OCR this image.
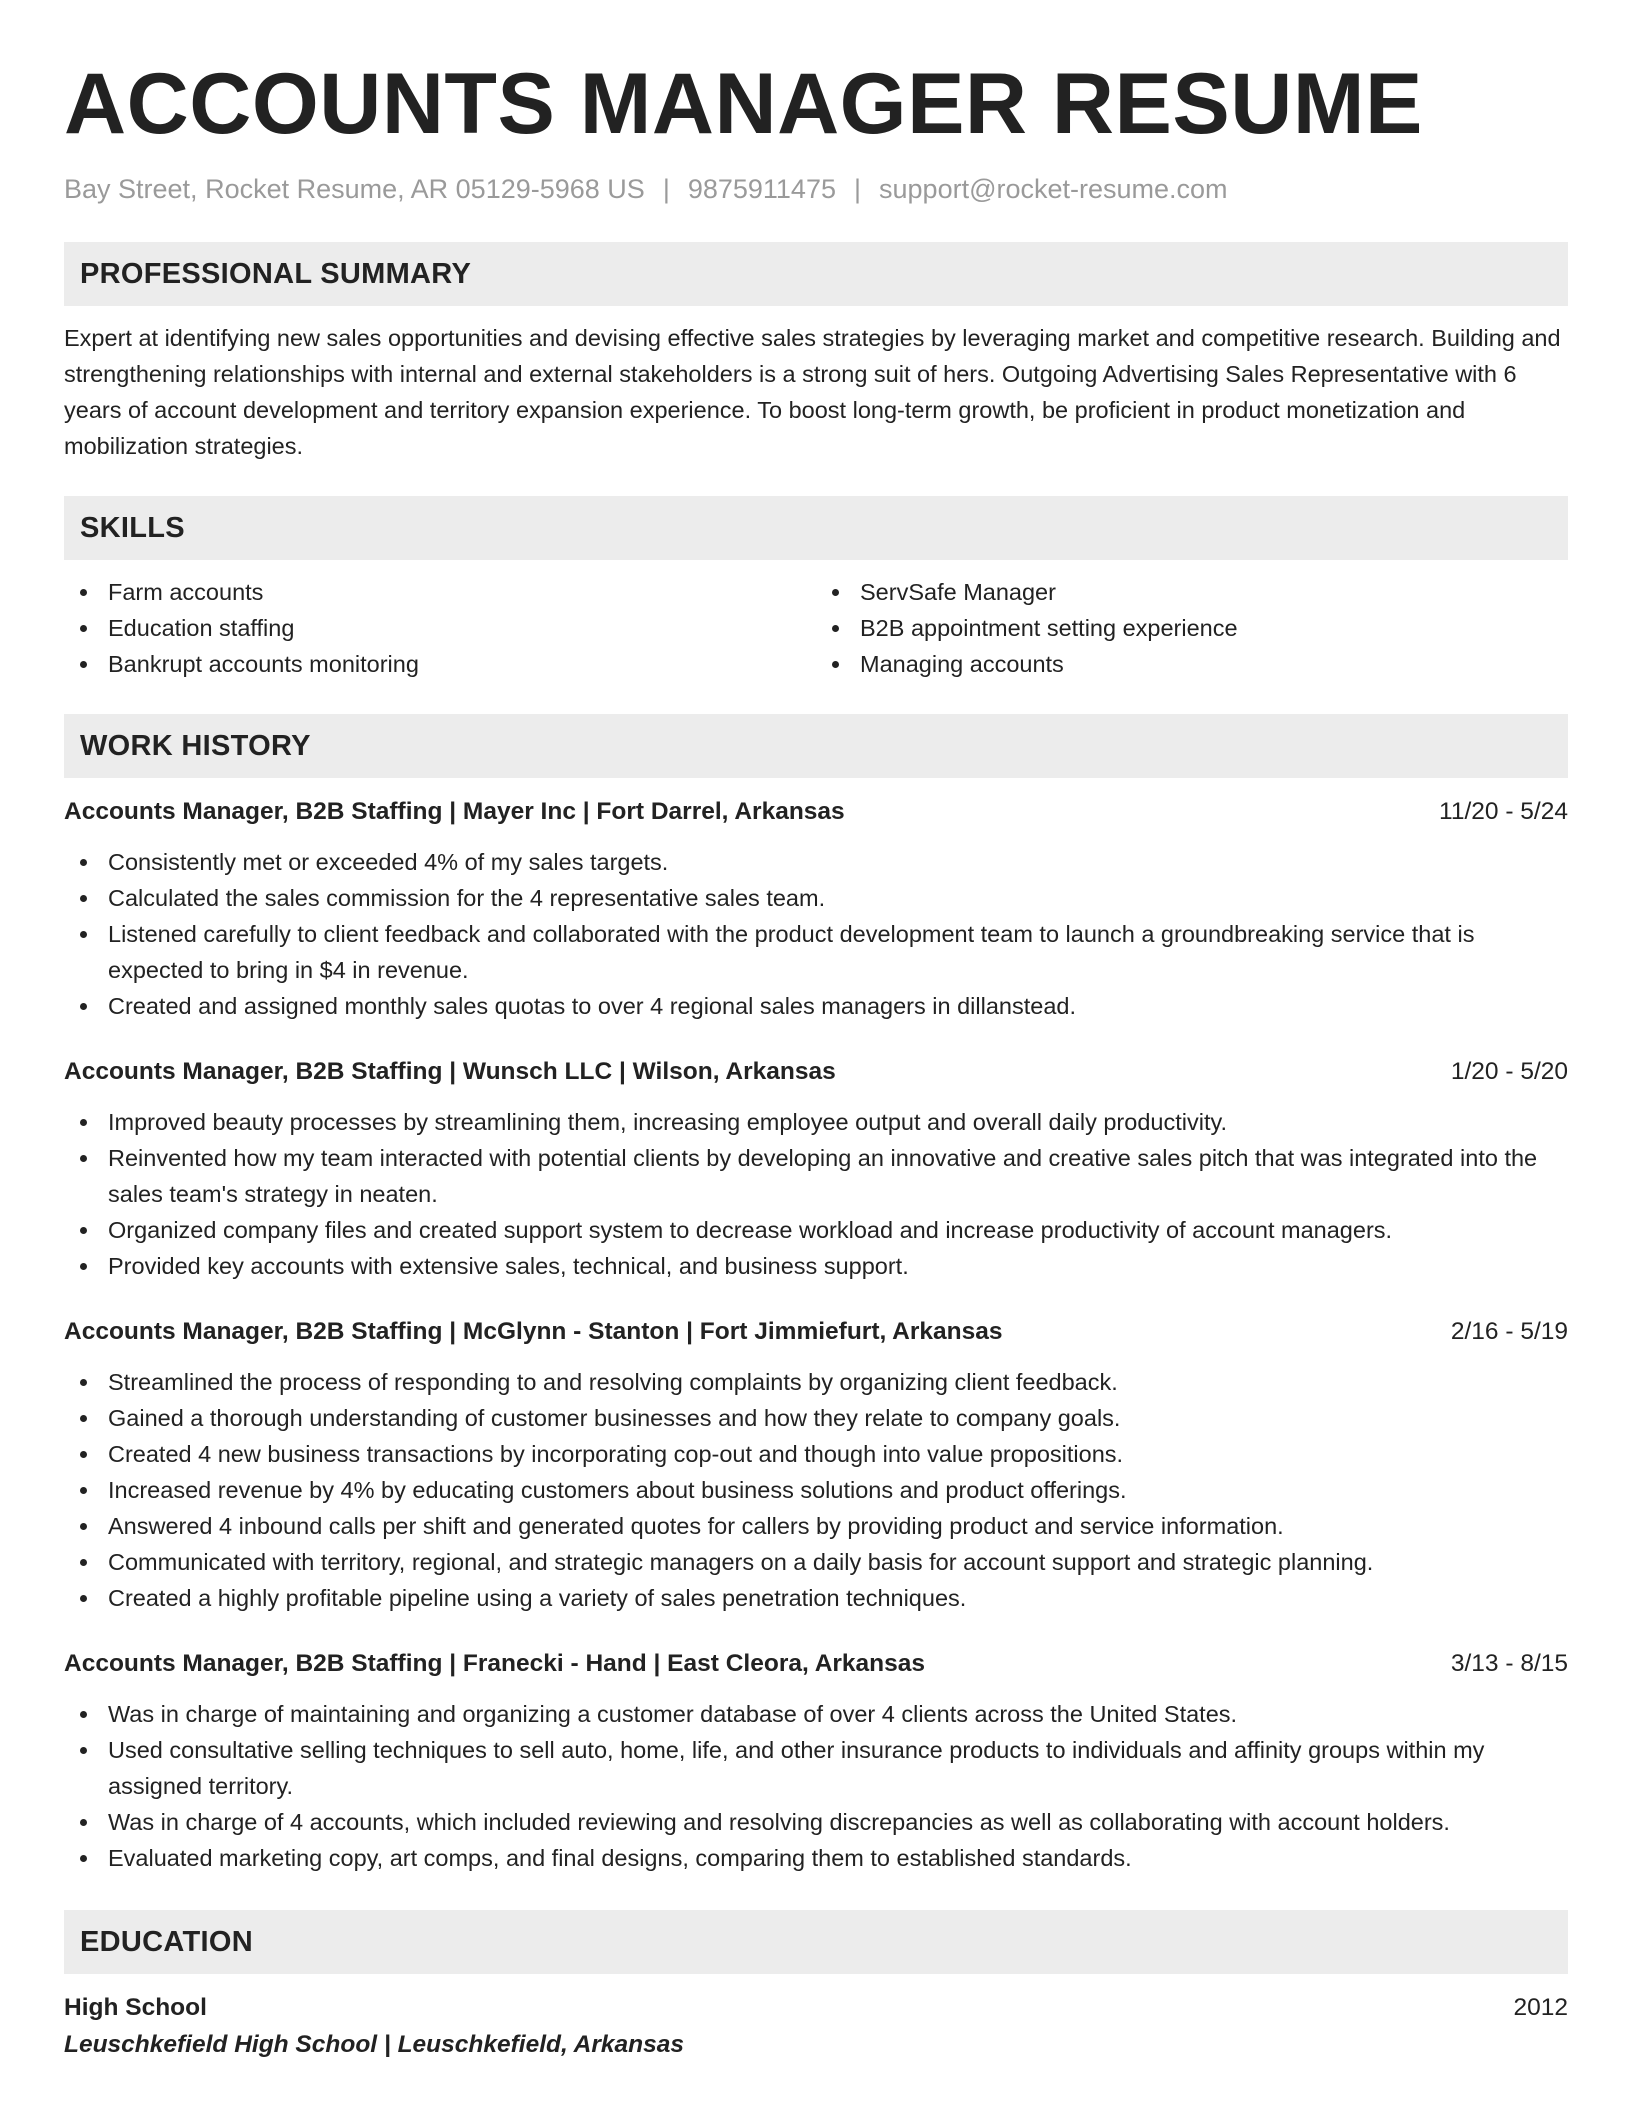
ACCOUNTS MANAGER RESUME
Bay Street, Rocket Resume, AR 05129-5968 US | 9875911475 | support@rocket-resume.com
PROFESSIONAL SUMMARY

Expert at identifying new sales opportunities and devising effective sales strategies by leveraging market and competitive research. Building and strengthening relationships with internal and external stakeholders is a strong suit of hers. Outgoing Advertising Sales Representative with 6 years of account development and territory expansion experience. To boost long-term growth, be proficient in product monetization and mobilization strategies.

SKILLS
Farm accounts
Education staffing
Bankrupt accounts monitoring
ServSafe Manager
B2B appointment setting experience
Managing accounts
WORK HISTORY
Accounts Manager, B2B Staffing | Mayer Inc | Fort Darrel, Arkansas	11/20 - 5/24
Consistently met or exceeded 4% of my sales targets.
Calculated the sales commission for the 4 representative sales team.
Listened carefully to client feedback and collaborated with the product development team to launch a groundbreaking service that is expected to bring in $4 in revenue.
Created and assigned monthly sales quotas to over 4 regional sales managers in dillanstead.
Accounts Manager, B2B Staffing | Wunsch LLC | Wilson, Arkansas	1/20 - 5/20
Improved beauty processes by streamlining them, increasing employee output and overall daily productivity.
Reinvented how my team interacted with potential clients by developing an innovative and creative sales pitch that was integrated into the sales team's strategy in neaten.
Organized company files and created support system to decrease workload and increase productivity of account managers.
Provided key accounts with extensive sales, technical, and business support.
Accounts Manager, B2B Staffing | McGlynn - Stanton | Fort Jimmiefurt, Arkansas	2/16 - 5/19
Streamlined the process of responding to and resolving complaints by organizing client feedback.
Gained a thorough understanding of customer businesses and how they relate to company goals.
Created 4 new business transactions by incorporating cop-out and though into value propositions.
Increased revenue by 4% by educating customers about business solutions and product offerings.
Answered 4 inbound calls per shift and generated quotes for callers by providing product and service information.
Communicated with territory, regional, and strategic managers on a daily basis for account support and strategic planning.
Created a highly profitable pipeline using a variety of sales penetration techniques.
Accounts Manager, B2B Staffing | Franecki - Hand | East Cleora, Arkansas	3/13 - 8/15
Was in charge of maintaining and organizing a customer database of over 4 clients across the United States.
Used consultative selling techniques to sell auto, home, life, and other insurance products to individuals and affinity groups within my assigned territory.
Was in charge of 4 accounts, which included reviewing and resolving discrepancies as well as collaborating with account holders.
Evaluated marketing copy, art comps, and final designs, comparing them to established standards.
EDUCATION
High School	2012
Leuschkefield High School | Leuschkefield, Arkansas
